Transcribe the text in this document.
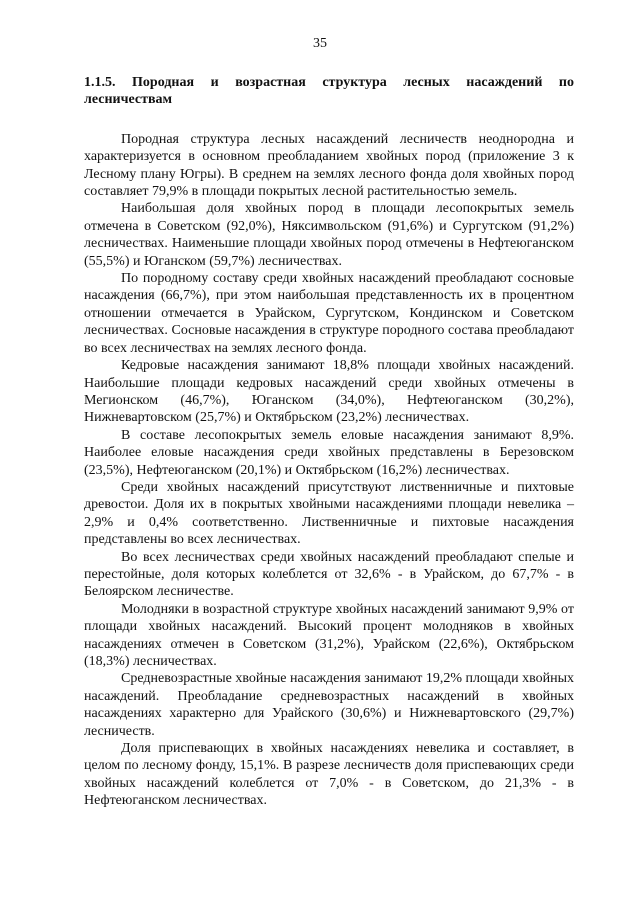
35

1.1.5. Породная и возрастная структура лесных насаждений по лесничествам

Породная структура лесных насаждений лесничеств неоднородна и характеризуется в основном преобладанием хвойных пород (приложение 3 к Лесному плану Югры). В среднем на землях лесного фонда доля хвойных пород составляет 79,9% в площади покрытых лесной растительностью земель.

Наибольшая доля хвойных пород в площади лесопокрытых земель отмечена в Советском (92,0%), Няксимвольском (91,6%) и Сургутском (91,2%) лесничествах. Наименьшие площади хвойных пород отмечены в Нефтеюганском (55,5%) и Юганском (59,7%) лесничествах.

По породному составу среди хвойных насаждений преобладают сосновые насаждения (66,7%), при этом наибольшая представленность их в процентном отношении отмечается в Урайском, Сургутском, Кондинском и Советском лесничествах. Сосновые насаждения в структуре породного состава преобладают во всех лесничествах на землях лесного фонда.

Кедровые насаждения занимают 18,8% площади хвойных насаждений. Наибольшие площади кедровых насаждений среди хвойных отмечены в Мегионском (46,7%), Юганском (34,0%), Нефтеюганском (30,2%), Нижневартовском (25,7%) и Октябрьском (23,2%) лесничествах.

В составе лесопокрытых земель еловые насаждения занимают 8,9%. Наиболее еловые насаждения среди хвойных представлены в Березовском (23,5%), Нефтеюганском (20,1%) и Октябрьском (16,2%) лесничествах.

Среди хвойных насаждений присутствуют лиственничные и пихтовые древостои. Доля их в покрытых хвойными насаждениями площади невелика – 2,9% и 0,4% соответственно. Лиственничные и пихтовые насаждения представлены во всех лесничествах.

Во всех лесничествах среди хвойных насаждений преобладают спелые и перестойные, доля которых колеблется от 32,6% - в Урайском, до 67,7% - в Белоярском лесничестве.

Молодняки в возрастной структуре хвойных насаждений занимают 9,9% от площади хвойных насаждений. Высокий процент молодняков в хвойных насаждениях отмечен в Советском (31,2%), Урайском (22,6%), Октябрьском (18,3%) лесничествах.

Средневозрастные хвойные насаждения занимают 19,2% площади хвойных насаждений. Преобладание средневозрастных насаждений в хвойных насаждениях характерно для Урайского (30,6%) и Нижневартовского (29,7%) лесничеств.

Доля приспевающих в хвойных насаждениях невелика и составляет, в целом по лесному фонду, 15,1%. В разрезе лесничеств доля приспевающих среди хвойных насаждений колеблется от 7,0% - в Советском, до 21,3% - в Нефтеюганском лесничествах.
